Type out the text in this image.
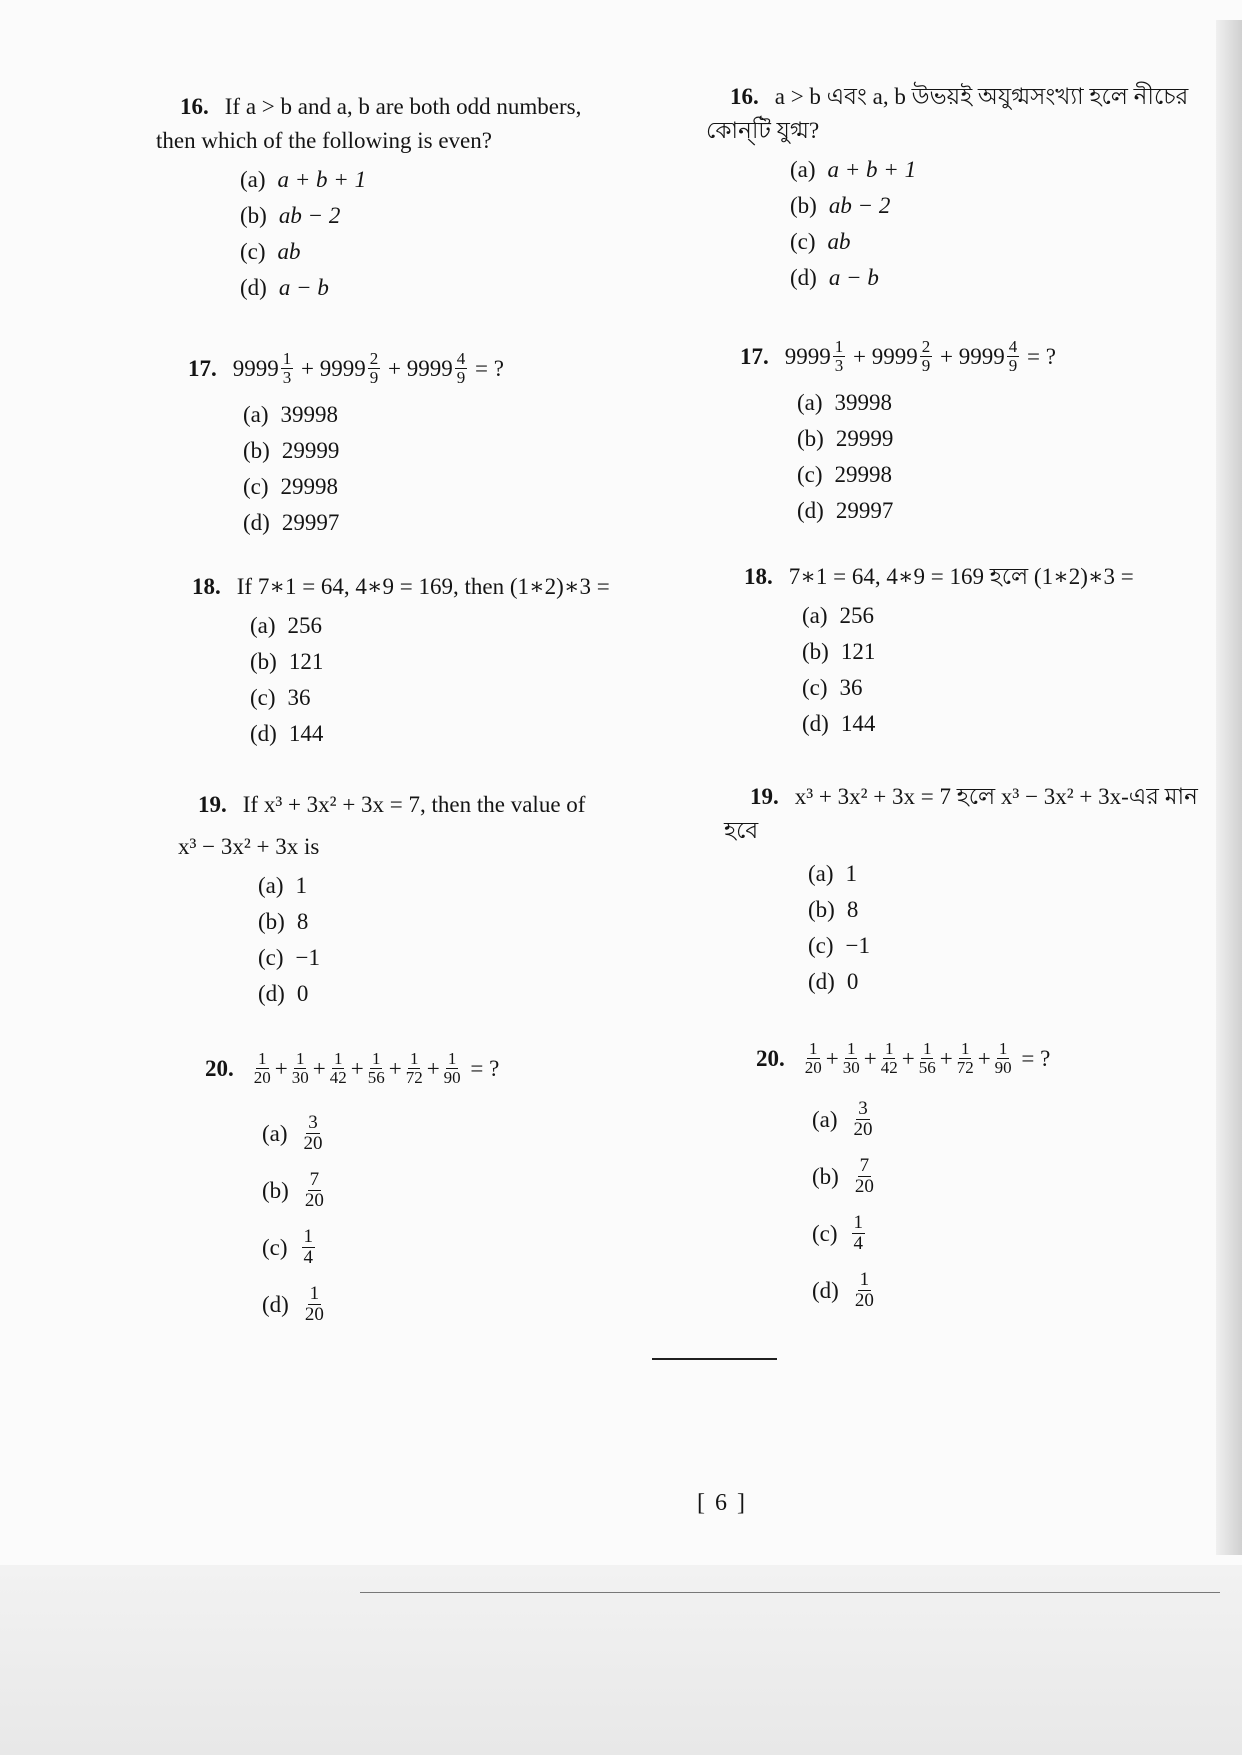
16. If a > b and a, b are both odd numbers,
then which of the following is even?
(a) a + b + 1
(b) ab − 2
(c) ab
(d) a − b
17. $9999 \frac{1}{3} + 9999 \frac{2}{9} + 9999 \frac{4}{9}$
= ?
(a) 39998
(b) 29999
(c) 29998
(d) 29997
18. If 7∗1 = 64, 4∗9 = 169, then (1∗2)∗3 =
(a) 256
(b) 121
(c) 36
(d) 144
19. If x³ + 3x² + 3x = 7, then the value of
x³ − 3x² + 3x is
(a) 1
(b) 8
(c) −1
(d) 0
20. $\frac{1}{20} + \frac{1}{30} + \frac{1}{42} + \frac{1}{56} + \frac{1}{72} + \frac{1}{90}$
= ?
$(a) \frac{3}{20}$
$(b) \frac{7}{20}$
$(c) \frac{1}{4}$
$(d) \frac{1}{20}$
16. a > b এবং a, b উভয়ই অযুগ্মসংখ্যা হলে নীচের
কোন্‌টি যুগ্ম?
(a) a + b + 1
(b) ab − 2
(c) ab
(d) a − b
17. $9999 \frac{1}{3} + 9999 \frac{2}{9} + 9999 \frac{4}{9}$
= ?
(a) 39998
(b) 29999
(c) 29998
(d) 29997
18. 7∗1 = 64, 4∗9 = 169 হলে (1∗2)∗3 =
(a) 256
(b) 121
(c) 36
(d) 144
19. x³ + 3x² + 3x = 7 হলে x³ − 3x² + 3x-এর মান
হবে
(a) 1
(b) 8
(c) −1
(d) 0
20. $\frac{1}{20} + \frac{1}{30} + \frac{1}{42} + \frac{1}{56} + \frac{1}{72} + \frac{1}{90}$
= ?
$(a) \frac{3}{20}$
$(b) \frac{7}{20}$
$(c) \frac{1}{4}$
$(d) \frac{1}{20}$
[ 6 ]
